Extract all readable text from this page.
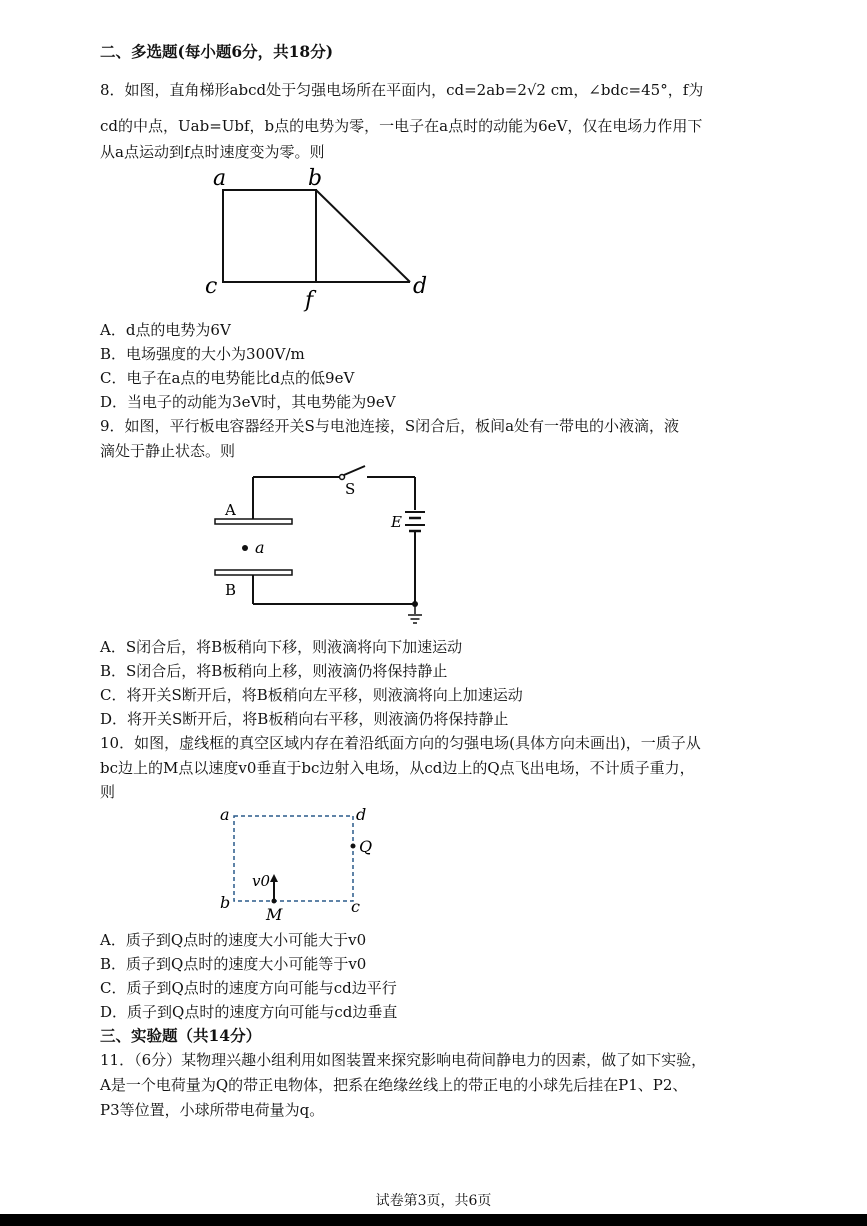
二、多选题(每小题6分，共18分)
8．如图，直角梯形abcd处于匀强电场所在平面内，cd=2ab=2√2 cm，∠bdc=45°，f为
cd的中点，Uab=Ubf，b点的电势为零，一电子在a点时的动能为6eV，仅在电场力作用下
从a点运动到f点时速度变为零。则
a	b
c
f
d
A．d点的电势为6V
B．电场强度的大小为300V/m
C．电子在a点的电势能比d点的低9eV
D．当电子的动能为3eV时，其电势能为9eV
9．如图，平行板电容器经开关S与电池连接，S闭合后，板间a处有一带电的小液滴，液
滴处于静止状态。则
A
B
S
E
a
A．S闭合后，将B板稍向下移，则液滴将向下加速运动
B．S闭合后，将B板稍向上移，则液滴仍将保持静止
C．将开关S断开后，将B板稍向左平移，则液滴将向上加速运动
D．将开关S断开后，将B板稍向右平移，则液滴仍将保持静止
10．如图，虚线框的真空区域内存在着沿纸面方向的匀强电场(具体方向未画出)，一质子从
bc边上的M点以速度v0垂直于bc边射入电场，从cd边上的Q点飞出电场，不计质子重力，
则
a	d
b	c
Q
M
v0
A．质子到Q点时的速度大小可能大于v0
B．质子到Q点时的速度大小可能等于v0
C．质子到Q点时的速度方向可能与cd边平行
D．质子到Q点时的速度方向可能与cd边垂直
三、实验题（共14分）
11．（6分）某物理兴趣小组利用如图装置来探究影响电荷间静电力的因素，做了如下实验，
A是一个电荷量为Q的带正电物体，把系在绝缘丝线上的带正电的小球先后挂在P1、P2、
P3等位置，小球所带电荷量为q。
试卷第3页，共6页
